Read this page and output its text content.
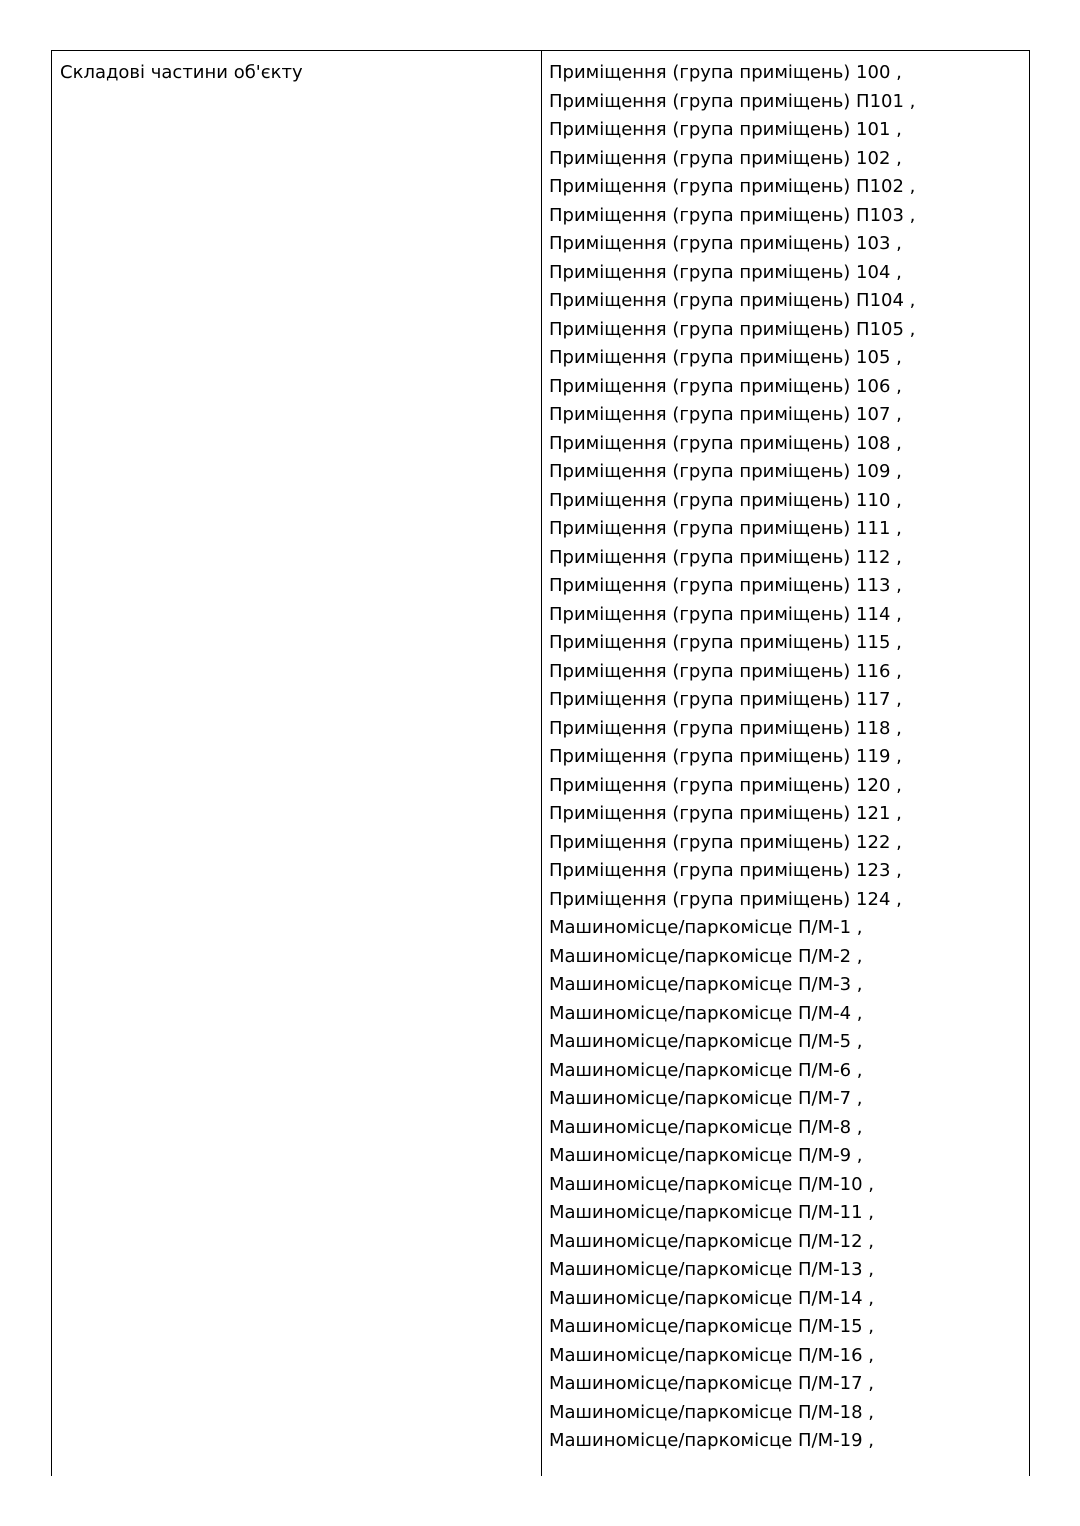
Складові частини об'єкту	Приміщення (група приміщень) 100 ,
Приміщення (група приміщень) П101 ,
Приміщення (група приміщень) 101 ,
Приміщення (група приміщень) 102 ,
Приміщення (група приміщень) П102 ,
Приміщення (група приміщень) П103 ,
Приміщення (група приміщень) 103 ,
Приміщення (група приміщень) 104 ,
Приміщення (група приміщень) П104 ,
Приміщення (група приміщень) П105 ,
Приміщення (група приміщень) 105 ,
Приміщення (група приміщень) 106 ,
Приміщення (група приміщень) 107 ,
Приміщення (група приміщень) 108 ,
Приміщення (група приміщень) 109 ,
Приміщення (група приміщень) 110 ,
Приміщення (група приміщень) 111 ,
Приміщення (група приміщень) 112 ,
Приміщення (група приміщень) 113 ,
Приміщення (група приміщень) 114 ,
Приміщення (група приміщень) 115 ,
Приміщення (група приміщень) 116 ,
Приміщення (група приміщень) 117 ,
Приміщення (група приміщень) 118 ,
Приміщення (група приміщень) 119 ,
Приміщення (група приміщень) 120 ,
Приміщення (група приміщень) 121 ,
Приміщення (група приміщень) 122 ,
Приміщення (група приміщень) 123 ,
Приміщення (група приміщень) 124 ,
Машиномісце/паркомісце П/М-1 ,
Машиномісце/паркомісце П/М-2 ,
Машиномісце/паркомісце П/М-3 ,
Машиномісце/паркомісце П/М-4 ,
Машиномісце/паркомісце П/М-5 ,
Машиномісце/паркомісце П/М-6 ,
Машиномісце/паркомісце П/М-7 ,
Машиномісце/паркомісце П/М-8 ,
Машиномісце/паркомісце П/М-9 ,
Машиномісце/паркомісце П/М-10 ,
Машиномісце/паркомісце П/М-11 ,
Машиномісце/паркомісце П/М-12 ,
Машиномісце/паркомісце П/М-13 ,
Машиномісце/паркомісце П/М-14 ,
Машиномісце/паркомісце П/М-15 ,
Машиномісце/паркомісце П/М-16 ,
Машиномісце/паркомісце П/М-17 ,
Машиномісце/паркомісце П/М-18 ,
Машиномісце/паркомісце П/М-19 ,
